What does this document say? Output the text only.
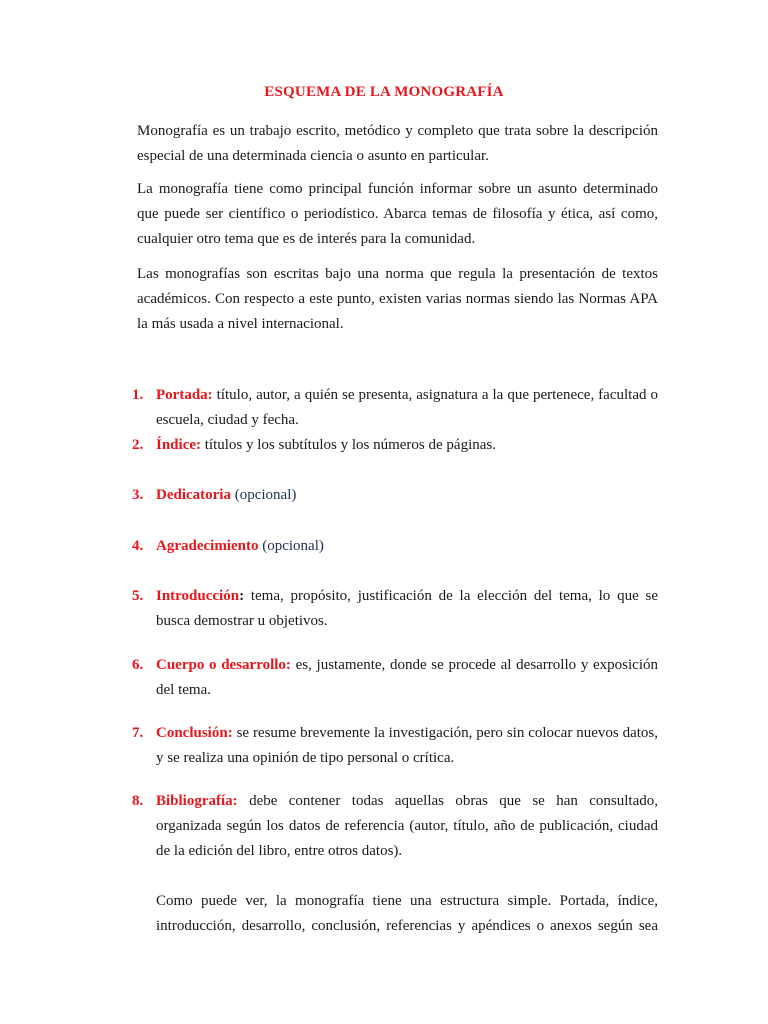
ESQUEMA DE LA MONOGRAFÍA

Monografía es un trabajo escrito, metódico y completo que trata sobre la descripción especial de una determinada ciencia o asunto en particular.

La monografía tiene como principal función informar sobre un asunto determinado que puede ser científico o periodístico. Abarca temas de filosofía y ética, así como, cualquier otro tema que es de interés para la comunidad.

Las monografías son escritas bajo una norma que regula la presentación de textos académicos. Con respecto a este punto, existen varias normas siendo las Normas APA la más usada a nivel internacional.

1. Portada: título, autor, a quién se presenta, asignatura a la que pertenece, facultad o escuela, ciudad y fecha.
2. Índice: títulos y los subtítulos y los números de páginas.
3. Dedicatoria (opcional)
4. Agradecimiento (opcional)
5. Introducción: tema, propósito, justificación de la elección del tema, lo que se busca demostrar u objetivos.
6. Cuerpo o desarrollo: es, justamente, donde se procede al desarrollo y exposición del tema.
7. Conclusión: se resume brevemente la investigación, pero sin colocar nuevos datos, y se realiza una opinión de tipo personal o crítica.
8. Bibliografía: debe contener todas aquellas obras que se han consultado, organizada según los datos de referencia (autor, título, año de publicación, ciudad de la edición del libro, entre otros datos).

Como puede ver, la monografía tiene una estructura simple. Portada, índice, introducción, desarrollo, conclusión, referencias y apéndices o anexos según sea
